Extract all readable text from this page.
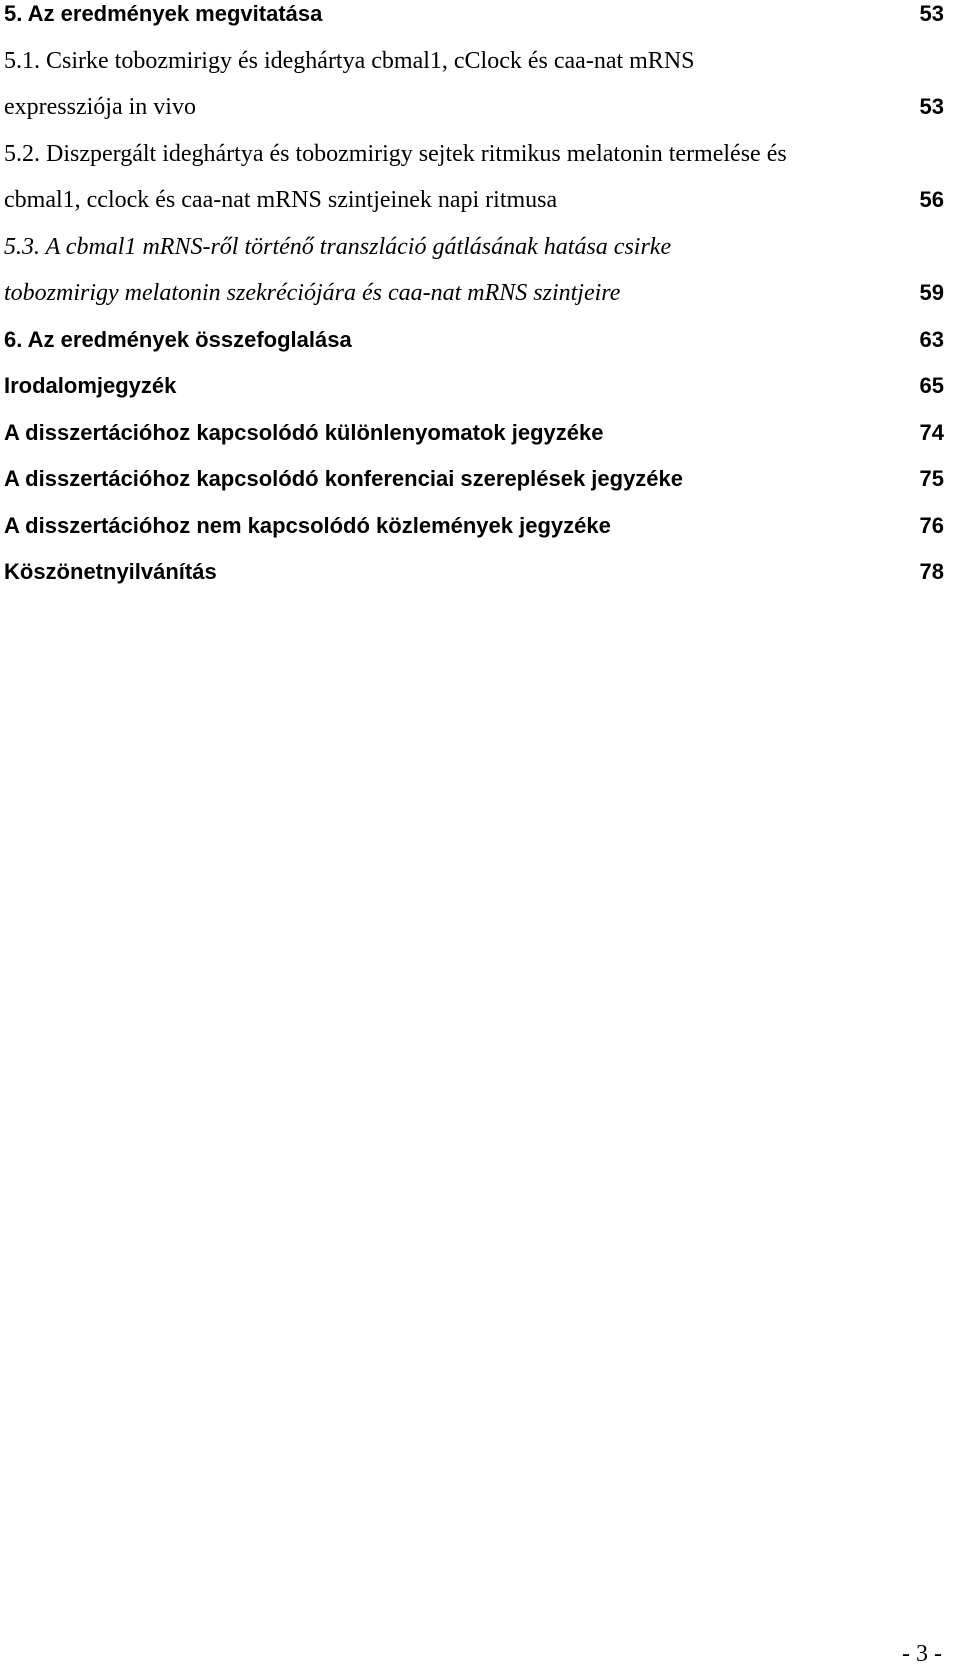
5. Az eredmények megvitatása	53
5.1. Csirke tobozmirigy és ideghártya cbmal1, cClock és caa-nat mRNS
expressziója in vivo	53
5.2. Diszpergált ideghártya és tobozmirigy sejtek ritmikus melatonin termelése és
cbmal1, cclock és caa-nat mRNS szintjeinek napi ritmusa	56
5.3. A cbmal1 mRNS-ről történő transzláció gátlásának hatása csirke
tobozmirigy melatonin szekréciójára és caa-nat mRNS szintjeire	59
6. Az eredmények összefoglalása	63
Irodalomjegyzék	65
A disszertációhoz kapcsolódó különlenyomatok jegyzéke	74
A disszertációhoz kapcsolódó konferenciai szereplések jegyzéke	75
A disszertációhoz nem kapcsolódó közlemények jegyzéke	76
Köszönetnyilvánítás	78
- 3 -
